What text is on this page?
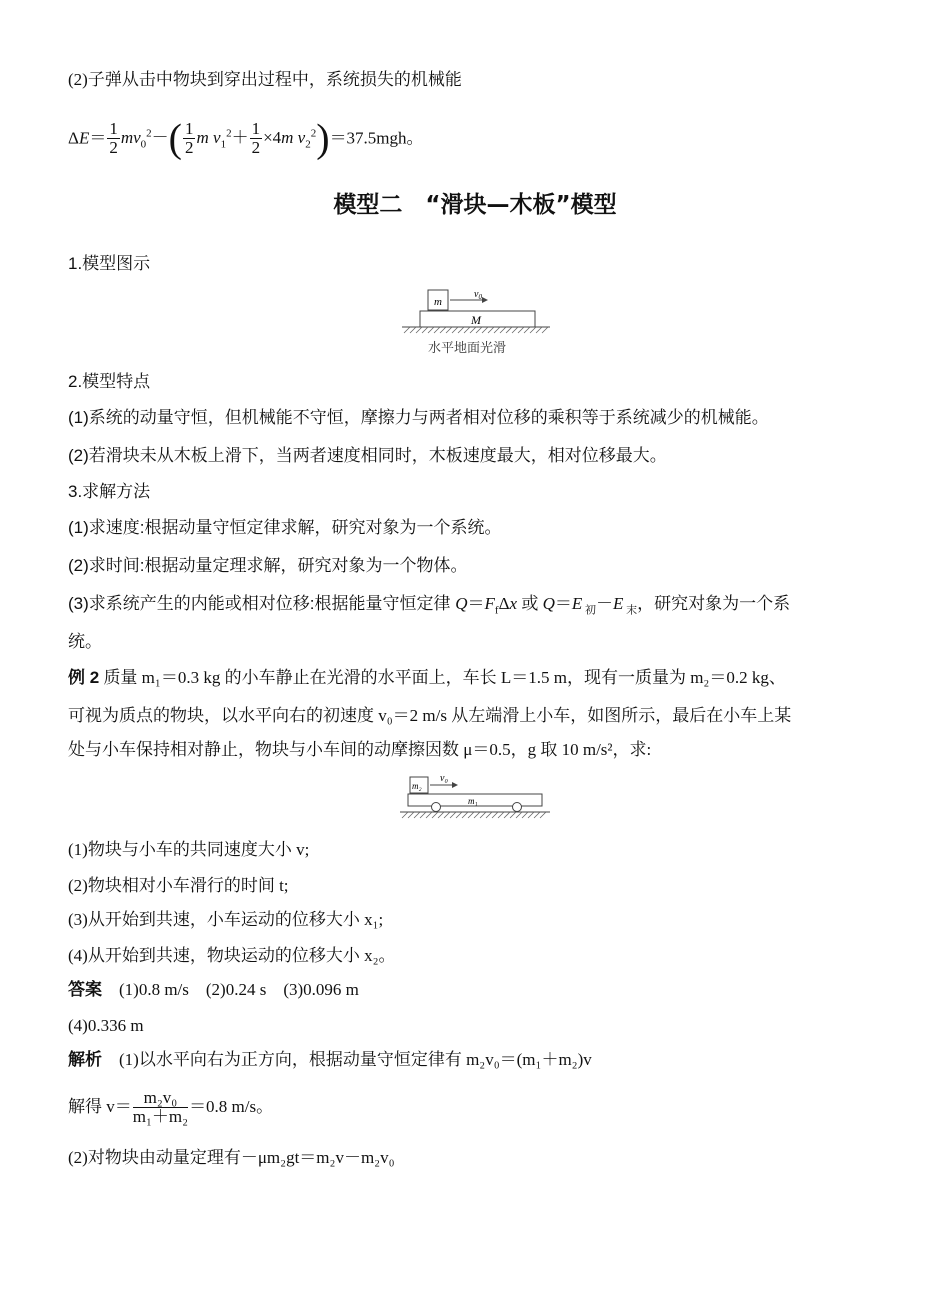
(2)子弹从击中物块到穿出过程中，系统损失的机械能
$\Delta E= \frac{1}{2} mv_0^2-( \frac{1}{2}$ m $v_1^2+ \frac{1}{2} \times 4m$ $v_2^2)=37.5mgh$。
模型二　“滑块—木板”模型
1.模型图示
m
$v_0$
M
水平地面光滑
2.模型特点
(1)系统的动量守恒，但机械能不守恒，摩擦力与两者相对位移的乘积等于系统减少的机械能。
(2)若滑块未从木板上滑下，当两者速度相同时，木板速度最大，相对位移最大。
3.求解方法
(1)求速度:根据动量守恒定律求解，研究对象为一个系统。
(2)求时间:根据动量定理求解，研究对象为一个物体。
(3)求系统产生的内能或相对位移:根据能量守恒定律 $Q=F_f\Delta x$ 或 Q＝E $_初$－E $_末$，研究对象为一个系
统。
例 2 质量 m₁＝0.3 kg 的小车静止在光滑的水平面上，车长 L＝1.5 m，现有一质量为 m₂＝0.2 kg、
可视为质点的物块，以水平向右的初速度 v₀＝2 m/s 从左端滑上小车，如图所示，最后在小车上某
处与小车保持相对静止，物块与小车间的动摩擦因数 μ＝0.5，g 取 10 m/s²，求:
m₂
v₀
m₁
(1)物块与小车的共同速度大小 v;
(2)物块相对小车滑行的时间 t;
(3)从开始到共速，小车运动的位移大小 x₁;
(4)从开始到共速，物块运动的位移大小 x₂。
答案　 (1)0.8 m/s　(2)0.24 s　(3)0.096 m
(4)0.336 m
解析　 (1)以水平向右为正方向，根据动量守恒定律有 m₂v₀＝(m₁＋m₂)v
解得 $v= \frac{\text{m₂v₀}}{\text{m₁＋m₂}} =0.8$ m/s。
(2)对物块由动量定理有－μm₂gt＝m₂v－m₂v₀
